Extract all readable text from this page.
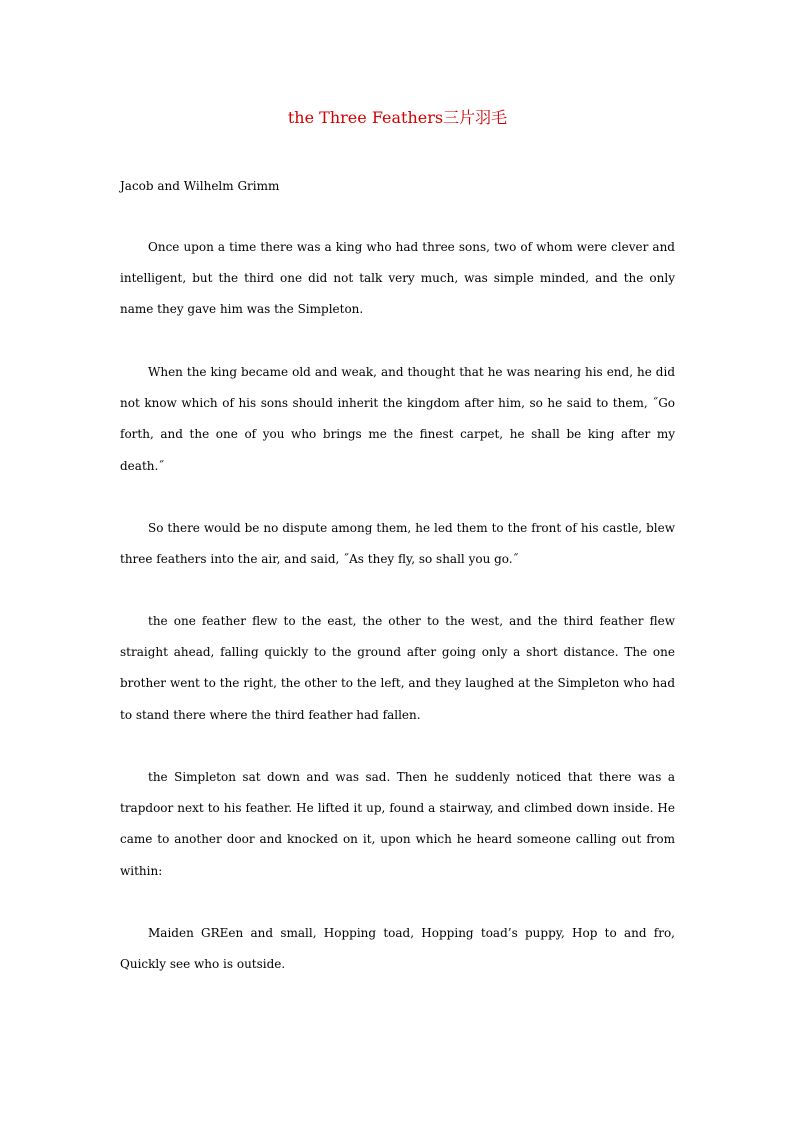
the Three Feathers三片羽毛

Jacob and Wilhelm Grimm

Once upon a time there was a king who had three sons, two of whom were clever and intelligent, but the third one did not talk very much, was simple minded, and the only name they gave him was the Simpleton.

When the king became old and weak, and thought that he was nearing his end, he did not know which of his sons should inherit the kingdom after him, so he said to them, ˝Go forth, and the one of you who brings me the finest carpet, he shall be king after my death.˝

So there would be no dispute among them, he led them to the front of his castle, blew three feathers into the air, and said, ˝As they fly, so shall you go.˝

the one feather flew to the east, the other to the west, and the third feather flew straight ahead, falling quickly to the ground after going only a short distance. The one brother went to the right, the other to the left, and they laughed at the Simpleton who had to stand there where the third feather had fallen.

the Simpleton sat down and was sad. Then he suddenly noticed that there was a trapdoor next to his feather. He lifted it up, found a stairway, and climbed down inside. He came to another door and knocked on it, upon which he heard someone calling out from within:

Maiden GREen and small, Hopping toad, Hopping toad’s puppy, Hop to and fro, Quickly see who is outside.
